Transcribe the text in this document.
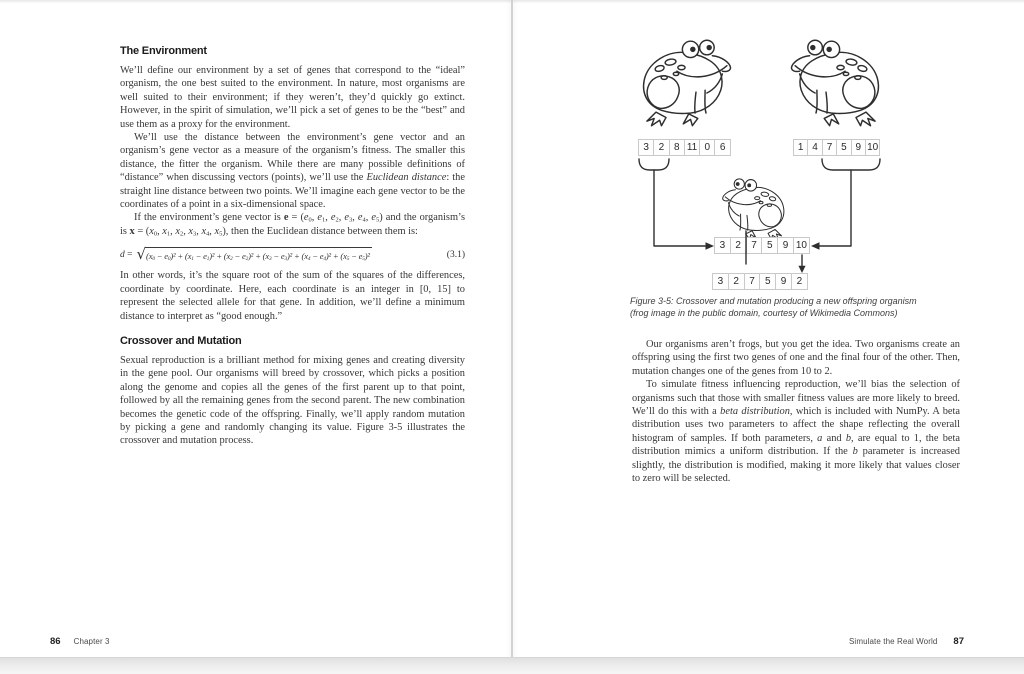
The Environment

We’ll define our environment by a set of genes that correspond to the “ideal” organism, the one best suited to the environment. In nature, most organisms are well suited to their environment; if they weren’t, they’d quickly go extinct. However, in the spirit of simulation, we’ll pick a set of genes to be the “best” and use them as a proxy for the environment.

We’ll use the distance between the environment’s gene vector and an organism’s gene vector as a measure of the organism’s fitness. The smaller this distance, the fitter the organism. While there are many possible definitions of “distance” when discussing vectors (points), we’ll use the Euclidean distance: the straight line distance between two points. We’ll imagine each gene vector to be the coordinates of a point in a six-dimensional space.

If the environment’s gene vector is $e = (e_0$, $e_1$, $e_2$, $e_3$, $e_4$, $e_5$) and the organism’s is $x = (x_0$, $x_1$, $x_2$, $x_3$, $x_4$, $x_5$), then the Euclidean distance between them is:

d = √ $(x_0 - e_0)^2 + (x_1 - e_1)^2 + (x_2 - e_2)^2 + (x_3 - e_3)^2 + (x_4 - e_4)^2 + (x_5 - e_5)^2$	(3.1)

In other words, it’s the square root of the sum of the squares of the differences, coordinate by coordinate. Here, each coordinate is an integer in [0, 15] to represent the selected allele for that gene. In addition, we’ll define a minimum distance to interpret as “good enough.”

Crossover and Mutation

Sexual reproduction is a brilliant method for mixing genes and creating diversity in the gene pool. Our organisms will breed by crossover, which picks a position along the genome and copies all the genes of the first parent up to that point, followed by all the remaining genes from the second parent. The new combination becomes the genetic code of the offspring. Finally, we’ll apply random mutation by picking a gene and randomly changing its value. Figure 3-5 illustrates the crossover and mutation process.

86 Chapter 3
3 2 8 11 0 6	1 4 7 5 9 10
3	2	7	5	9 10
3	2	7	5	9	2
Figure 3-5: Crossover and mutation producing a new offspring organism (frog image in the public domain, courtesy of Wikimedia Commons)

Our organisms aren’t frogs, but you get the idea. Two organisms create an offspring using the first two genes of one and the final four of the other. Then, mutation changes one of the genes from 10 to 2.

To simulate fitness influencing reproduction, we’ll bias the selection of organisms such that those with smaller fitness values are more likely to breed. We’ll do this with a beta distribution, which is included with NumPy. A beta distribution uses two parameters to affect the shape reflecting the overall histogram of samples. If both parameters, a and b, are equal to 1, the beta distribution mimics a uniform distribution. If the b parameter is increased slightly, the distribution is modified, making it more likely that values closer to zero will be selected.

Simulate the Real World 87
